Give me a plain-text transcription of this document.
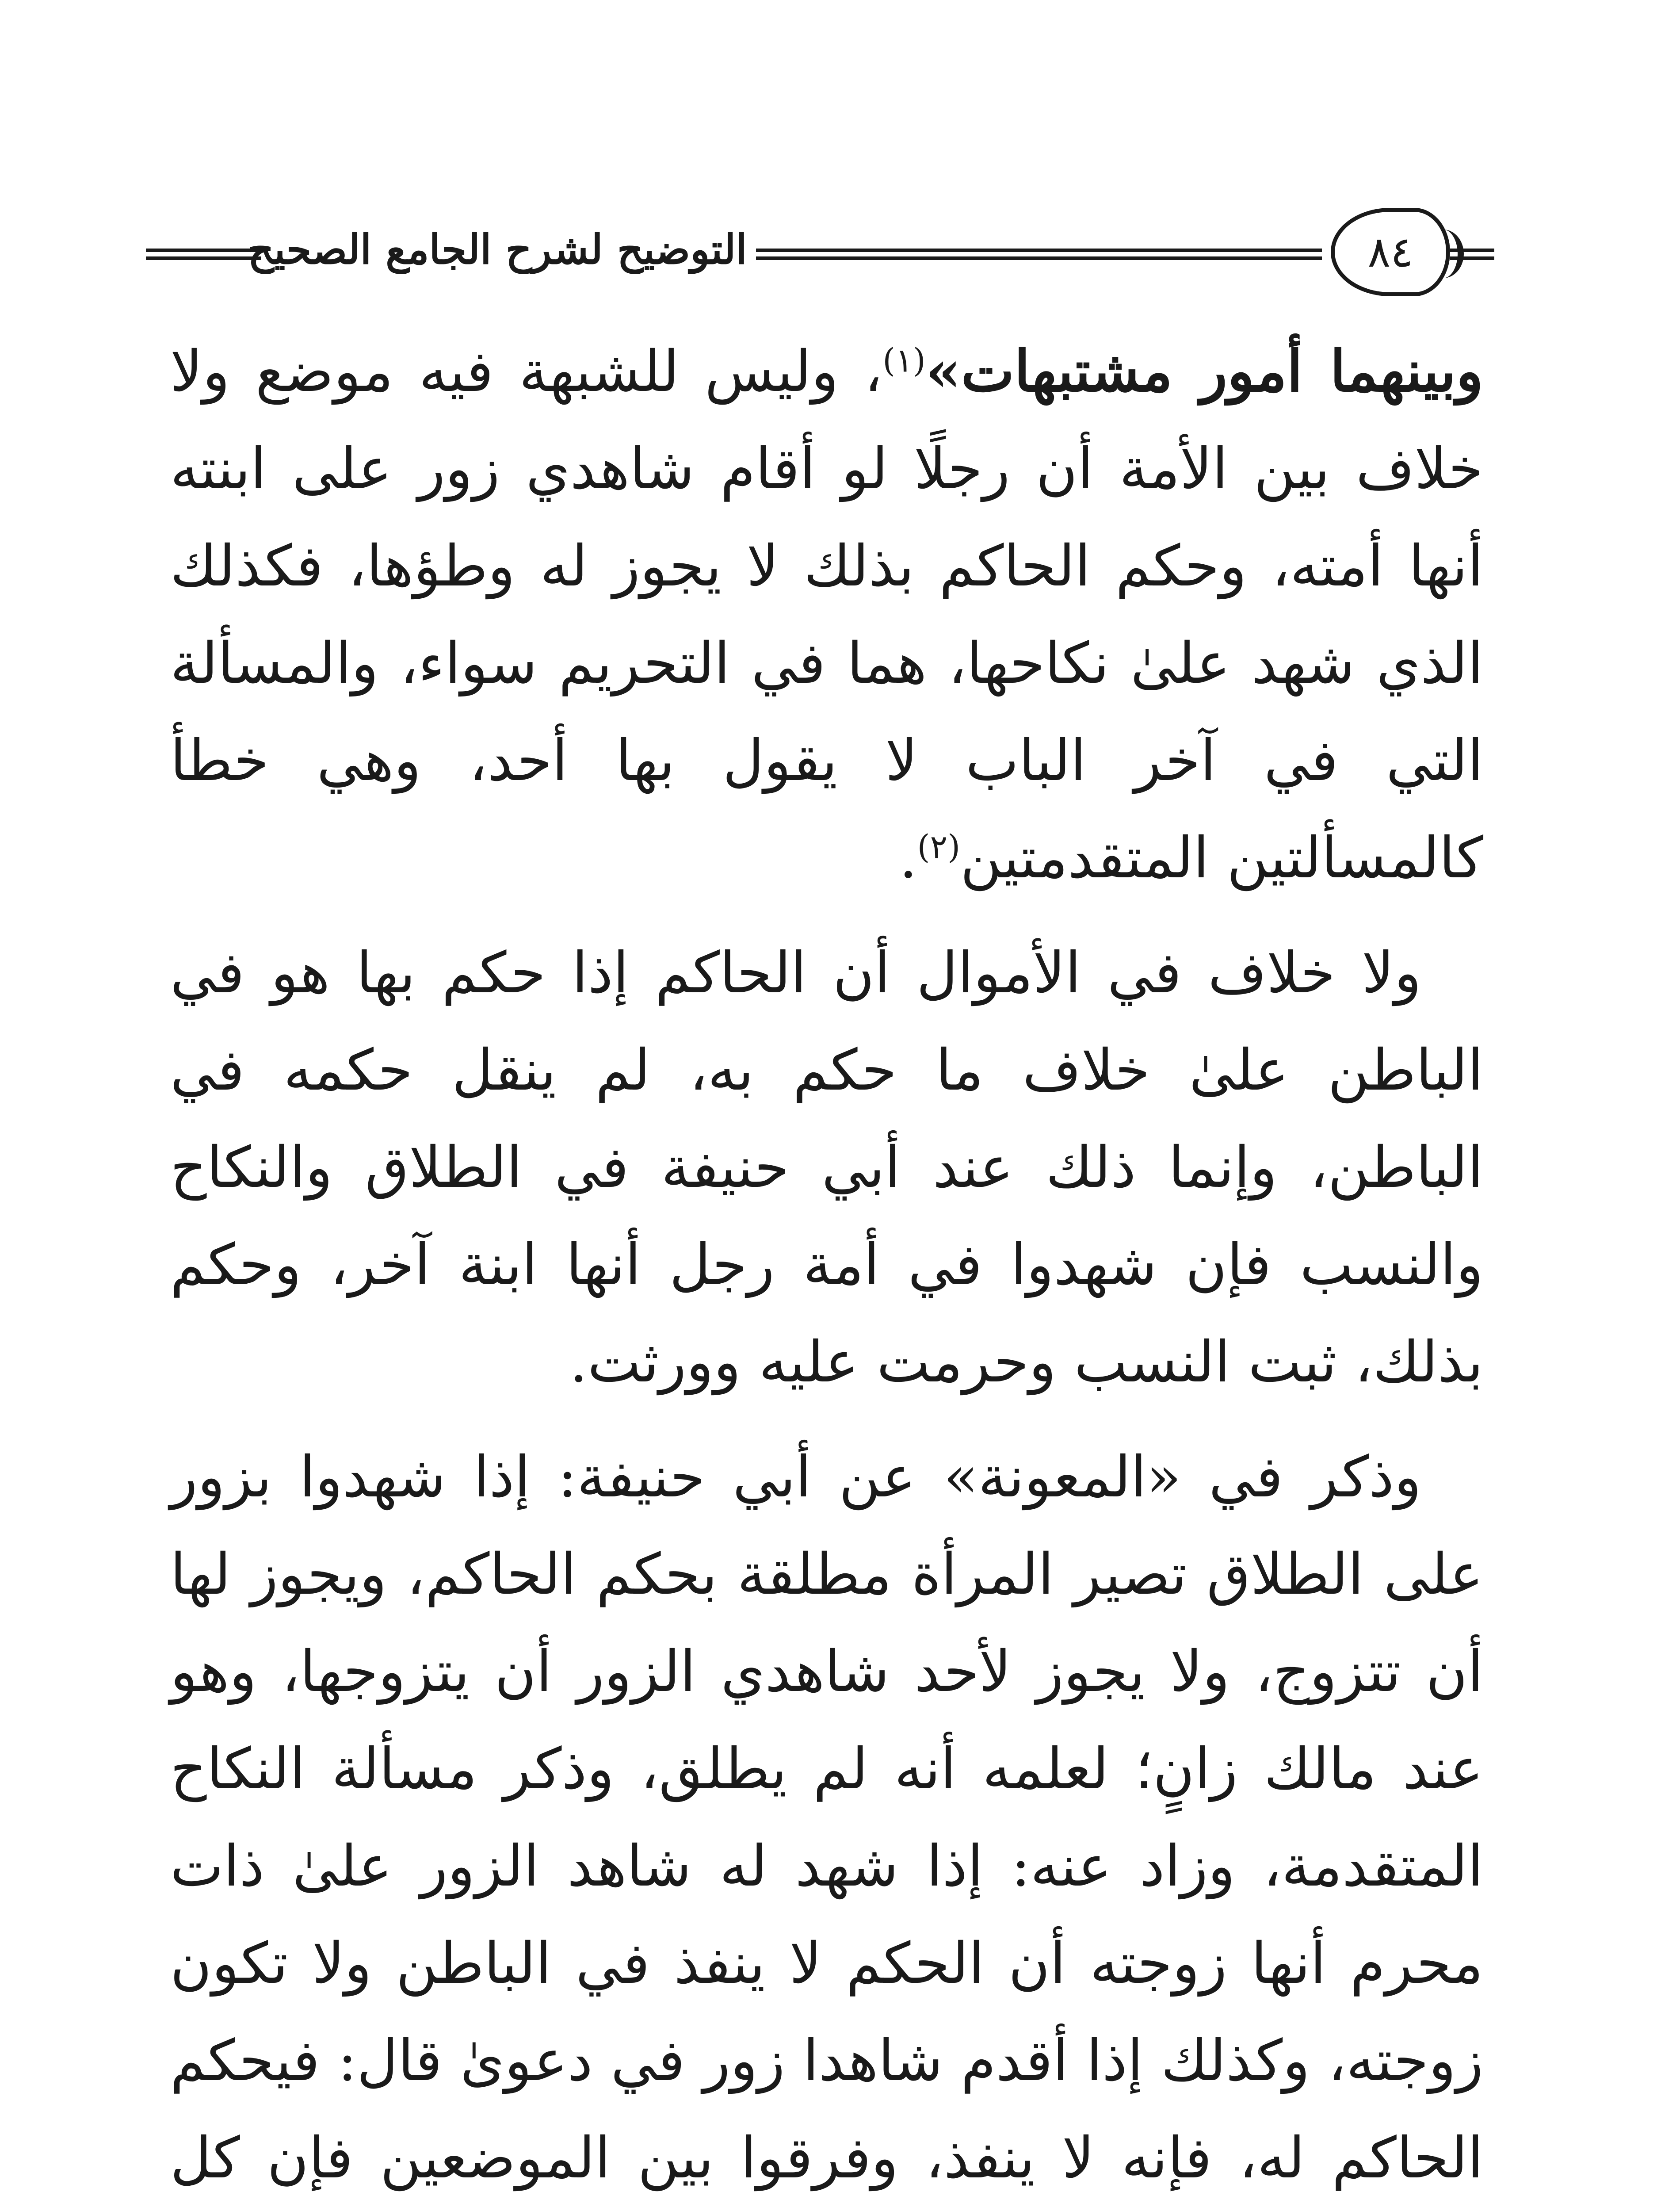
التوضيح لشرح الجامع الصحيح	٨٤

وبينهما أمور مشتبهات»$^{(١)}$، وليس للشبهة فيه موضع ولا خلاف بين الأمة أن رجلًا لو أقام شاهدي زور على ابنته أنها أمته، وحكم الحاكم بذلك لا يجوز له وطؤها، فكذلك الذي شهد علىٰ نكاحها، هما في التحريم سواء، والمسألة التي في آخر الباب لا يقول بها أحد، وهي خطأ كالمسألتين المتقدمتين$^{(٢)}$.

ولا خلاف في الأموال أن الحاكم إذا حكم بها هو في الباطن علىٰ خلاف ما حكم به، لم ينقل حكمه في الباطن، وإنما ذلك عند أبي حنيفة في الطلاق والنكاح والنسب فإن شهدوا في أمة رجل أنها ابنة آخر، وحكم بذلك، ثبت النسب وحرمت عليه وورثت.

وذكر في «المعونة» عن أبي حنيفة: إذا شهدوا بزور على الطلاق تصير المرأة مطلقة بحكم الحاكم، ويجوز لها أن تتزوج، ولا يجوز لأحد شاهدي الزور أن يتزوجها، وهو عند مالك زانٍ؛ لعلمه أنه لم يطلق، وذكر مسألة النكاح المتقدمة، وزاد عنه: إذا شهد له شاهد الزور علىٰ ذات محرم أنها زوجته أن الحكم لا ينفذ في الباطن ولا تكون زوجته، وكذلك إذا أقدم شاهدا زور في دعوىٰ قال: فيحكم الحاكم له، فإنه لا ينفذ، وفرقوا بين الموضعين فإن كل
